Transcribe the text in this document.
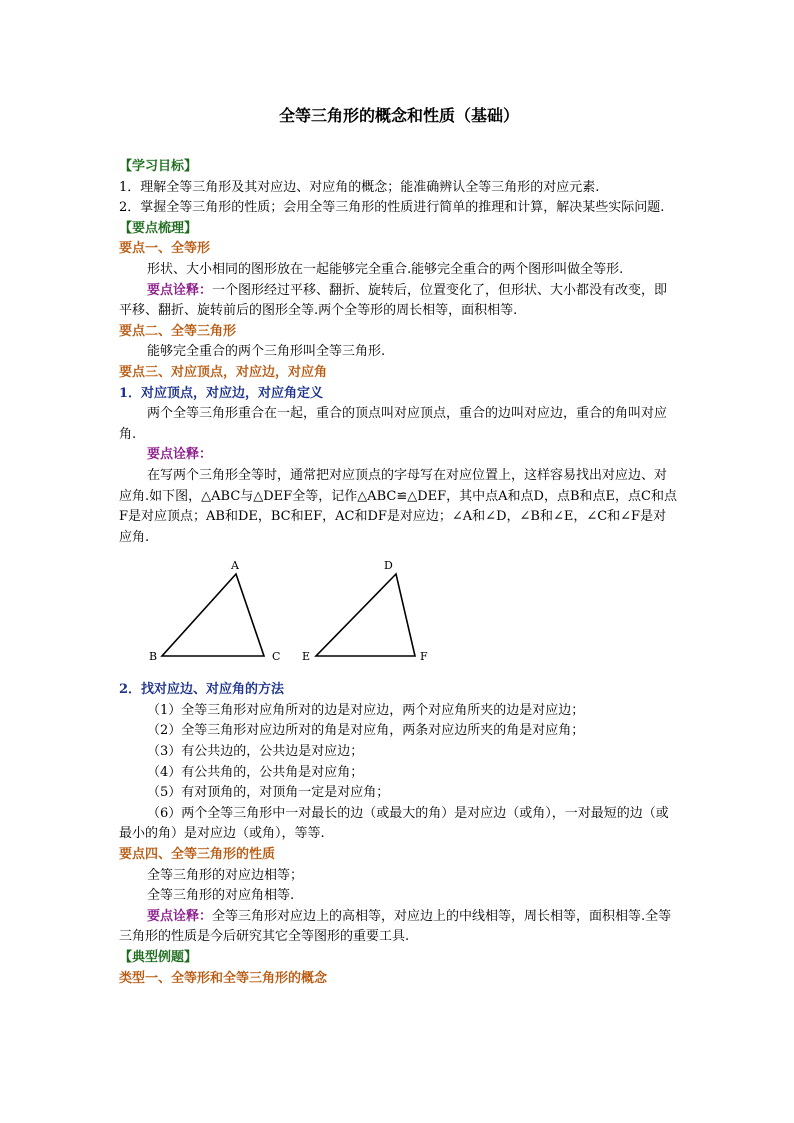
全等三角形的概念和性质（基础）

【学习目标】

1．理解全等三角形及其对应边、对应角的概念；能准确辨认全等三角形的对应元素.

2．掌握全等三角形的性质；会用全等三角形的性质进行简单的推理和计算，解决某些实际问题.

【要点梳理】

要点一、全等形

形状、大小相同的图形放在一起能够完全重合.能够完全重合的两个图形叫做全等形.

要点诠释：一个图形经过平移、翻折、旋转后，位置变化了，但形状、大小都没有改变，即平移、翻折、旋转前后的图形全等.两个全等形的周长相等，面积相等.

要点二、全等三角形

能够完全重合的两个三角形叫全等三角形.

要点三、对应顶点，对应边，对应角

1．对应顶点，对应边，对应角定义

两个全等三角形重合在一起，重合的顶点叫对应顶点，重合的边叫对应边，重合的角叫对应角.

要点诠释：

在写两个三角形全等时，通常把对应顶点的字母写在对应位置上，这样容易找出对应边、对应角.如下图，△ABC与△DEF全等，记作△ABC≌△DEF，其中点A和点D，点B和点E，点C和点F是对应顶点；AB和DE，BC和EF，AC和DF是对应边；∠A和∠D，∠B和∠E，∠C和∠F是对应角.

A
B	C
D
E	F

2．找对应边、对应角的方法

（1）全等三角形对应角所对的边是对应边，两个对应角所夹的边是对应边；

（2）全等三角形对应边所对的角是对应角，两条对应边所夹的角是对应角；

（3）有公共边的，公共边是对应边；

（4）有公共角的，公共角是对应角；

（5）有对顶角的，对顶角一定是对应角；

（6）两个全等三角形中一对最长的边（或最大的角）是对应边（或角），一对最短的边（或最小的角）是对应边（或角），等等.

要点四、全等三角形的性质

全等三角形的对应边相等；

全等三角形的对应角相等.

要点诠释：全等三角形对应边上的高相等，对应边上的中线相等，周长相等，面积相等.全等三角形的性质是今后研究其它全等图形的重要工具.

【典型例题】

类型一、全等形和全等三角形的概念
